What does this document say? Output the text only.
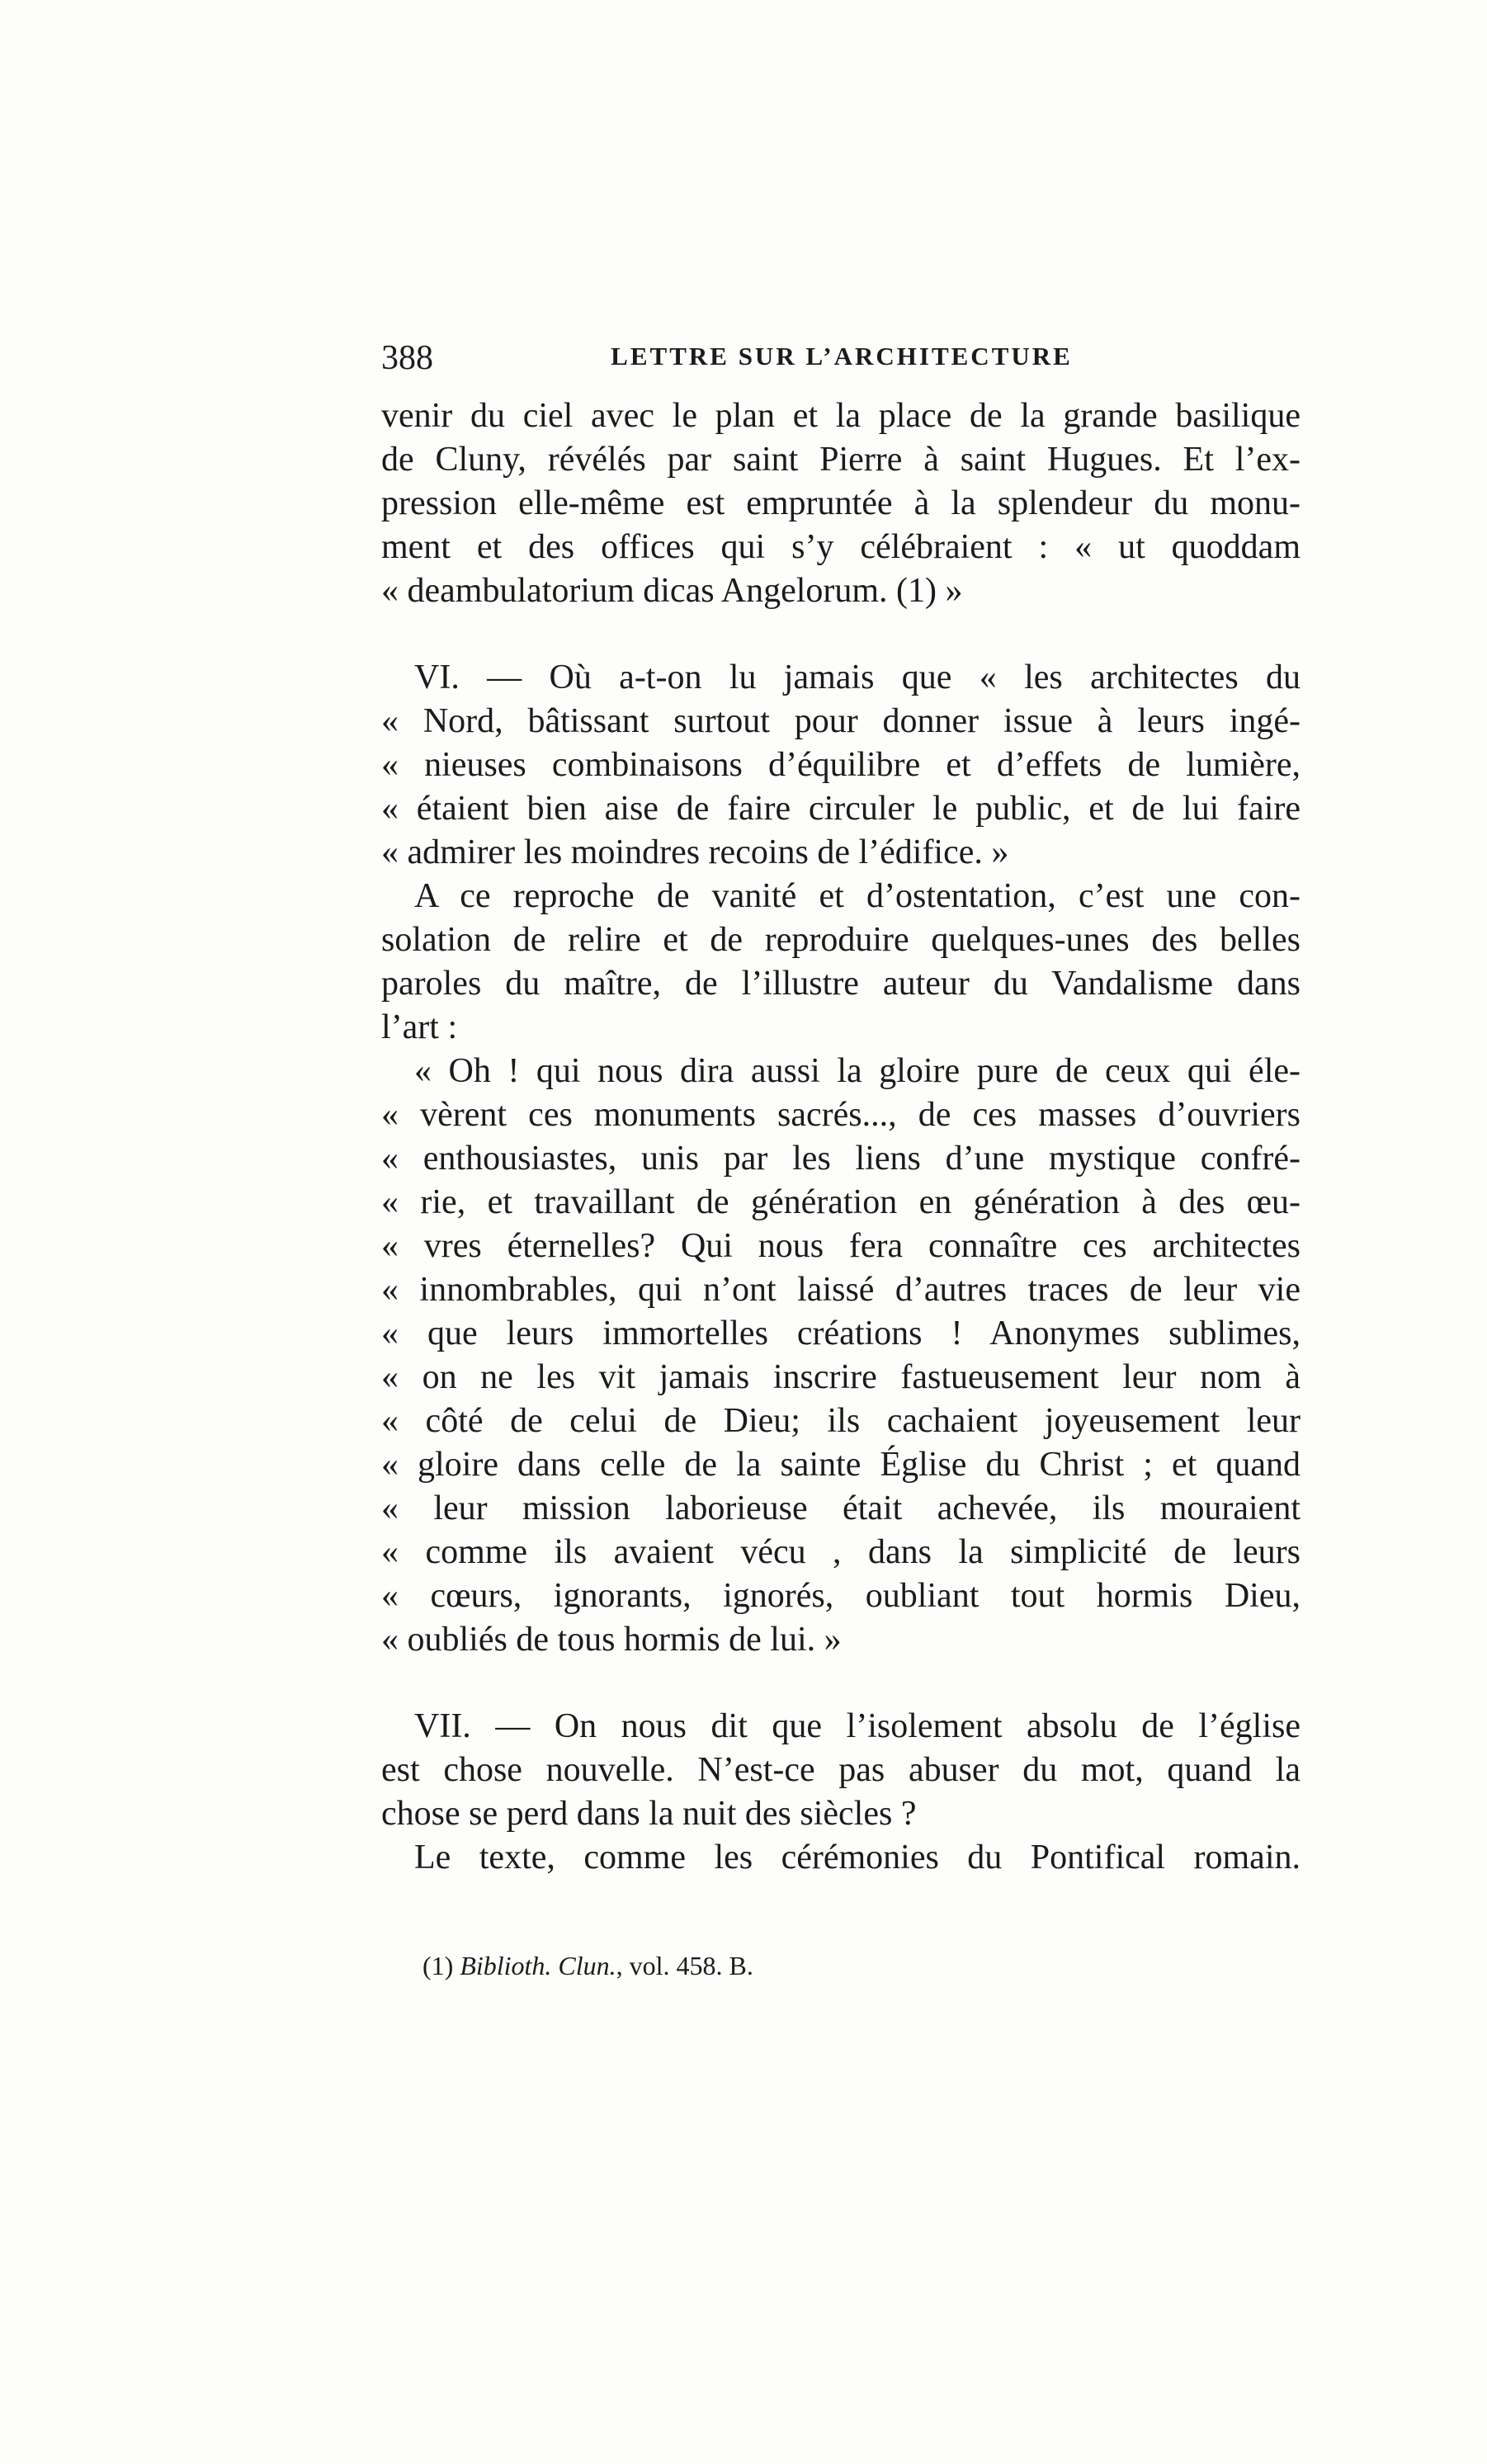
388	LETTRE SUR L’ARCHITECTURE
venir du ciel avec le plan et la place de la grande basilique
de Cluny, révélés par saint Pierre à saint Hugues. Et l’ex-
pression elle-même est empruntée à la splendeur du monu-
ment et des offices qui s’y célébraient : « ut quoddam
« deambulatorium dicas Angelorum. (1) »
VI. — Où a-t-on lu jamais que « les architectes du
« Nord, bâtissant surtout pour donner issue à leurs ingé-
« nieuses combinaisons d’équilibre et d’effets de lumière,
« étaient bien aise de faire circuler le public, et de lui faire
« admirer les moindres recoins de l’édifice. »
A ce reproche de vanité et d’ostentation, c’est une con-
solation de relire et de reproduire quelques-unes des belles
paroles du maître, de l’illustre auteur du Vandalisme dans
l’art :
« Oh ! qui nous dira aussi la gloire pure de ceux qui éle-
« vèrent ces monuments sacrés..., de ces masses d’ouvriers
« enthousiastes, unis par les liens d’une mystique confré-
« rie, et travaillant de génération en génération à des œu-
« vres éternelles? Qui nous fera connaître ces architectes
« innombrables, qui n’ont laissé d’autres traces de leur vie
« que leurs immortelles créations ! Anonymes sublimes,
« on ne les vit jamais inscrire fastueusement leur nom à
« côté de celui de Dieu; ils cachaient joyeusement leur
« gloire dans celle de la sainte Église du Christ ; et quand
« leur mission laborieuse était achevée, ils mouraient
« comme ils avaient vécu , dans la simplicité de leurs
« cœurs, ignorants, ignorés, oubliant tout hormis Dieu,
« oubliés de tous hormis de lui. »
VII. — On nous dit que l’isolement absolu de l’église
est chose nouvelle. N’est-ce pas abuser du mot, quand la
chose se perd dans la nuit des siècles ?
Le texte, comme les cérémonies du Pontifical romain.
(1) Biblioth. Clun., vol. 458. B.
